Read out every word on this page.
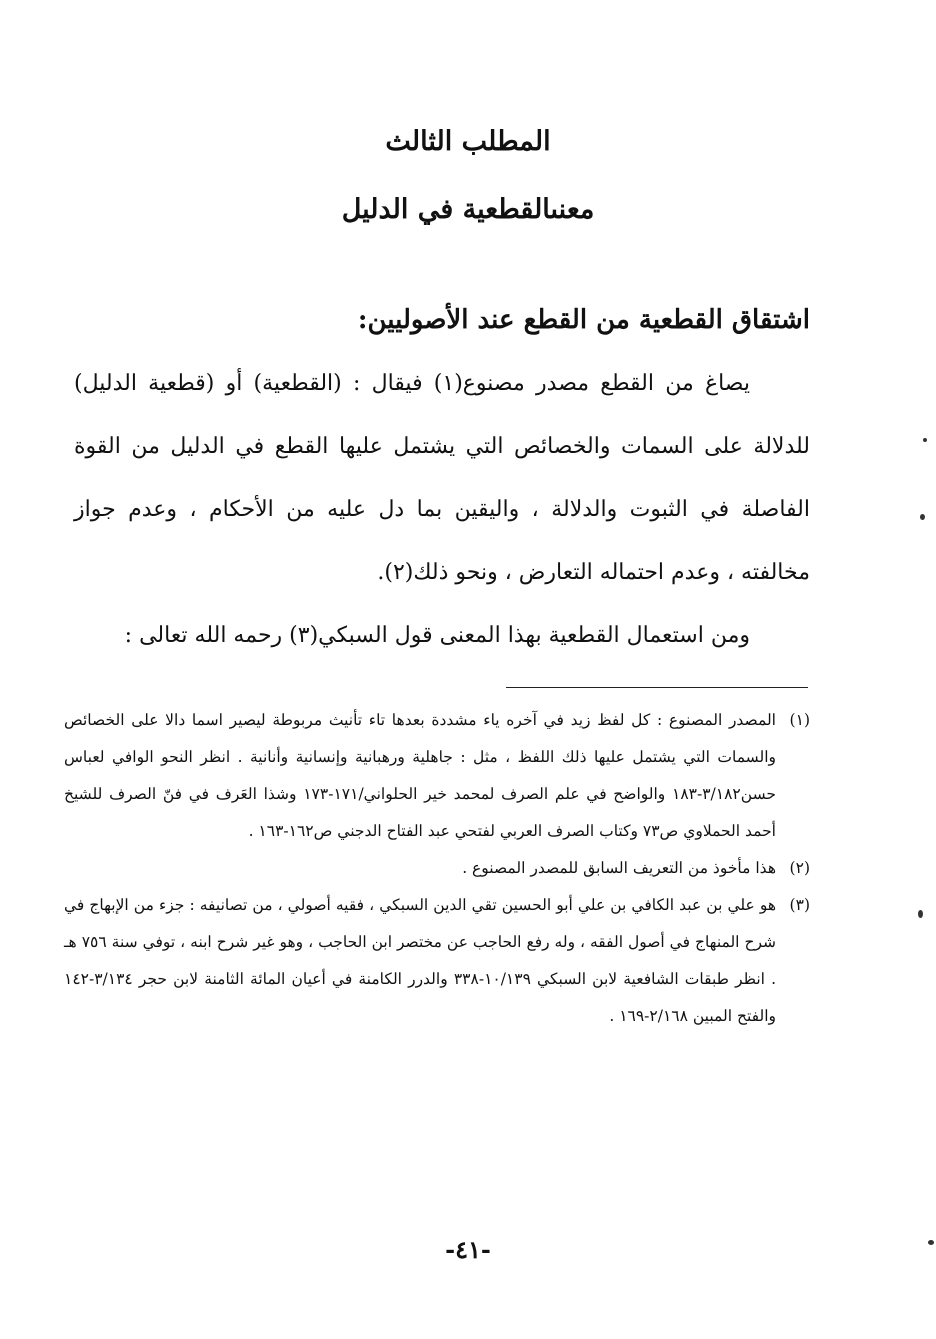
المطلب الثالث
معنىالقطعية في الدليل
اشتقاق القطعية من القطع عند الأصوليين:

يصاغ من القطع مصدر مصنوع(١) فيقال : (القطعية) أو (قطعية الدليل) للدلالة على السمات والخصائص التي يشتمل عليها القطع في الدليل من القوة الفاصلة في الثبوت والدلالة ، واليقين بما دل عليه من الأحكام ، وعدم جواز مخالفته ، وعدم احتماله التعارض ، ونحو ذلك(٢).

ومن استعمال القطعية بهذا المعنى قول السبكي(٣) رحمه الله تعالى :

(١)
المصدر المصنوع : كل لفظ زيد في آخره ياء مشددة بعدها تاء تأنيث مربوطة ليصير اسما دالا على الخصائص والسمات التي يشتمل عليها ذلك اللفظ ، مثل : جاهلية ورهبانية وإنسانية وأنانية . انظر النحو الوافي لعباس حسن٣/١٨٢-١٨٣ والواضح في علم الصرف لمحمد خير الحلواني/١٧١-١٧٣ وشذا العَرف في فنّ الصرف للشيخ أحمد الحملاوي ص٧٣ وكتاب الصرف العربي لفتحي عبد الفتاح الدجني ص١٦٢-١٦٣ .
(٢)
هذا مأخوذ من التعريف السابق للمصدر المصنوع .
(٣)
هو علي بن عبد الكافي بن علي أبو الحسين تقي الدين السبكي ، فقيه أصولي ، من تصانيفه : جزء من الإبهاج في شرح المنهاج في أصول الفقه ، وله رفع الحاجب عن مختصر ابن الحاجب ، وهو غير شرح ابنه ، توفي سنة ٧٥٦ هـ . انظر طبقات الشافعية لابن السبكي ١٠/١٣٩-٣٣٨ والدرر الكامنة في أعيان المائة الثامنة لابن حجر ٣/١٣٤-١٤٢ والفتح المبين ٢/١٦٨-١٦٩ .
-٤١-
